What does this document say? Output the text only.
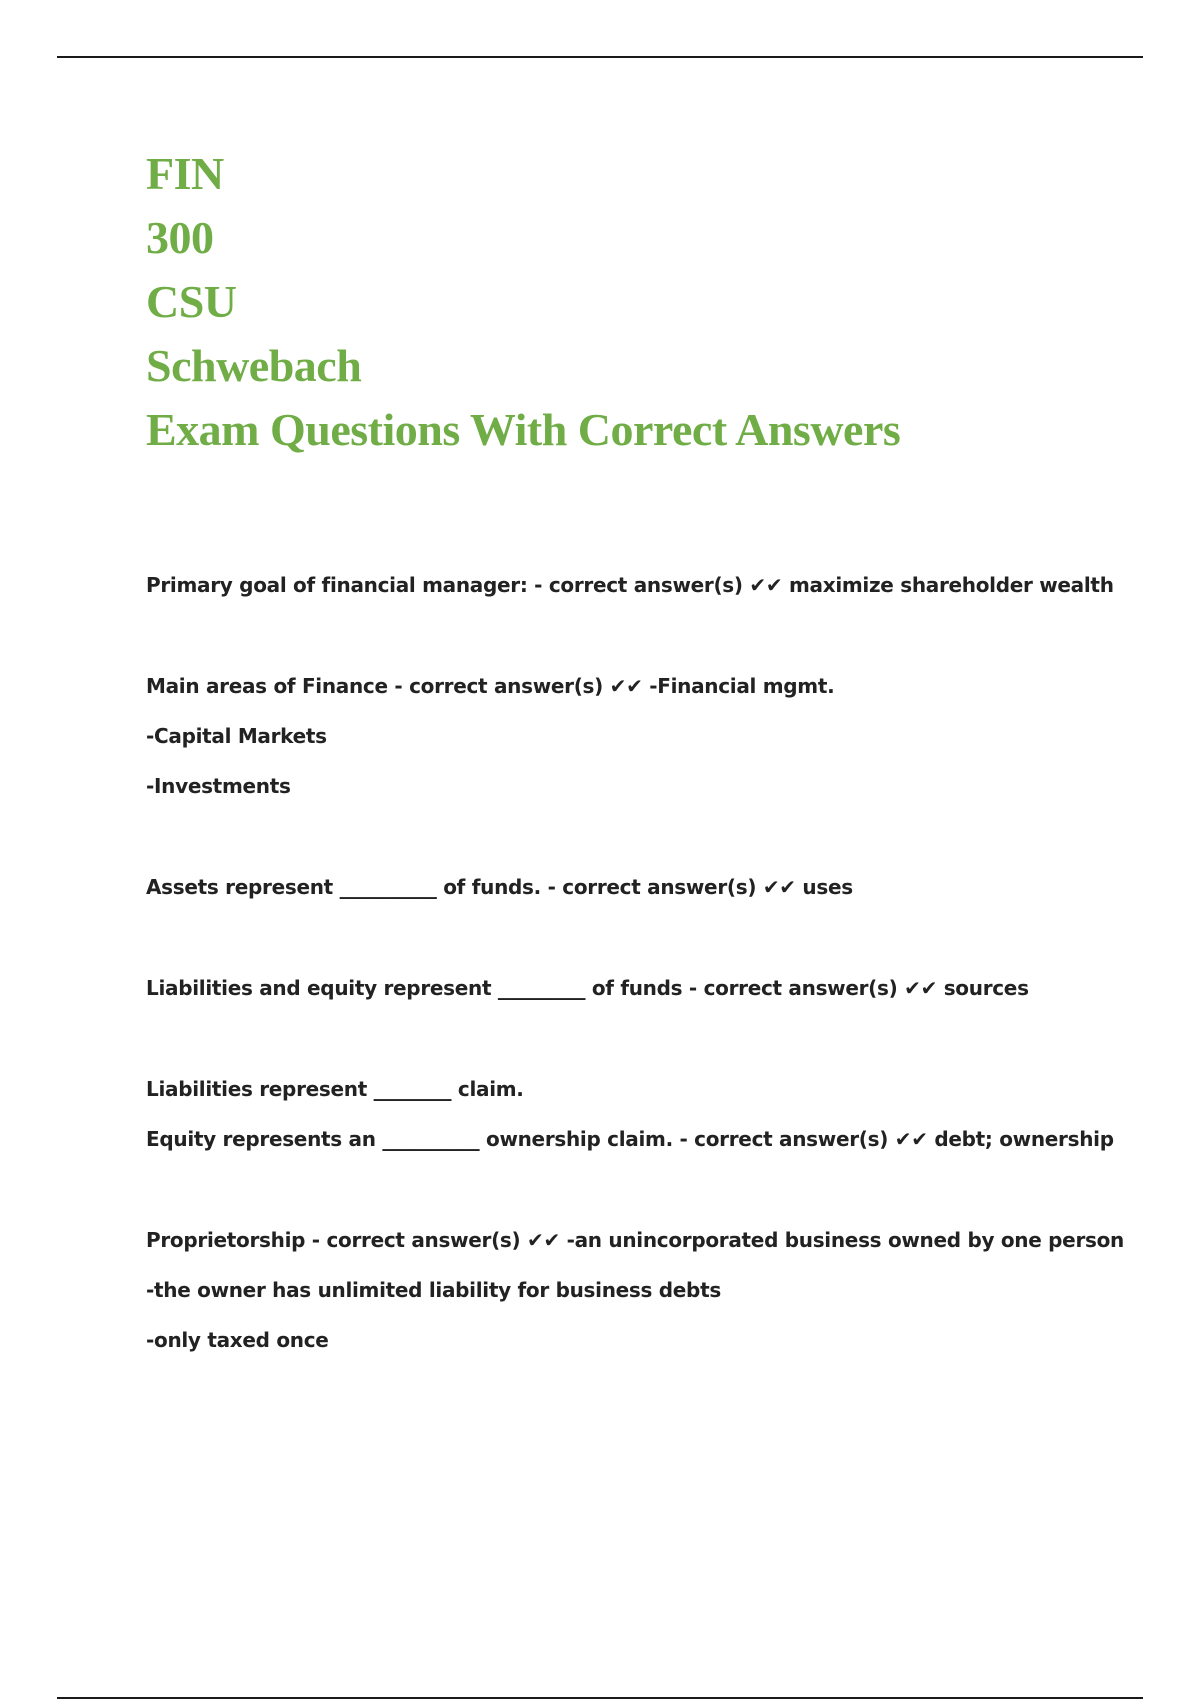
FIN
300
CSU
Schwebach
Exam Questions With Correct Answers
Primary goal of financial manager: - correct answer(s) ✔✔ maximize shareholder wealth
Main areas of Finance - correct answer(s) ✔✔ -Financial mgmt.
-Capital Markets
-Investments
Assets represent __________ of funds. - correct answer(s) ✔✔ uses
Liabilities and equity represent _________ of funds - correct answer(s) ✔✔ sources
Liabilities represent ________ claim.
Equity represents an __________ ownership claim. - correct answer(s) ✔✔ debt; ownership
Proprietorship - correct answer(s) ✔✔ -an unincorporated business owned by one person
-the owner has unlimited liability for business debts
-only taxed once
